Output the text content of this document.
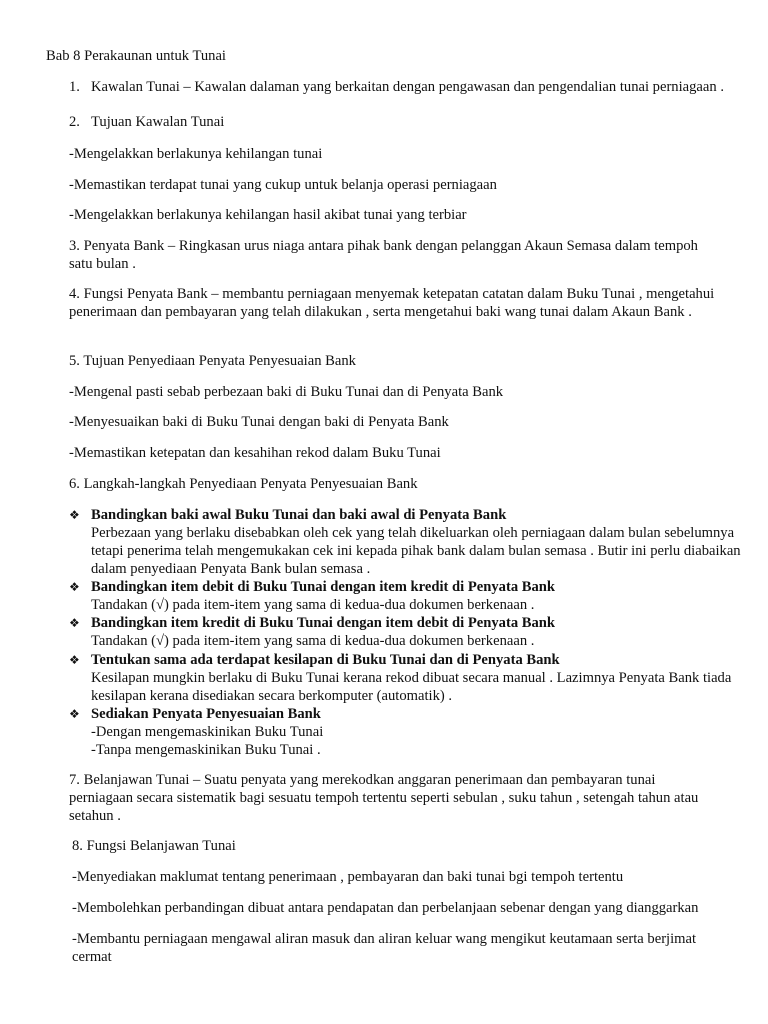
Bab 8 Perakaunan untuk Tunai

1. Kawalan Tunai – Kawalan dalaman yang berkaitan dengan pengawasan dan pengendalian tunai perniagaan .
2. Tujuan Kawalan Tunai

-Mengelakkan berlakunya kehilangan tunai

-Memastikan terdapat tunai yang cukup untuk belanja operasi perniagaan

-Mengelakkan berlakunya kehilangan hasil akibat tunai yang terbiar

3. Penyata Bank – Ringkasan urus niaga antara pihak bank dengan pelanggan Akaun Semasa dalam tempoh satu bulan .

4. Fungsi Penyata Bank – membantu perniagaan menyemak ketepatan catatan dalam Buku Tunai , mengetahui penerimaan dan pembayaran yang telah dilakukan , serta mengetahui baki wang tunai dalam Akaun Bank .

5. Tujuan Penyediaan Penyata Penyesuaian Bank

-Mengenal pasti sebab perbezaan baki di Buku Tunai dan di Penyata Bank

-Menyesuaikan baki di Buku Tunai dengan baki di Penyata Bank

-Memastikan ketepatan dan kesahihan rekod dalam Buku Tunai

6. Langkah-langkah Penyediaan Penyata Penyesuaian Bank

❖ Bandingkan baki awal Buku Tunai dan baki awal di Penyata Bank
Perbezaan yang berlaku disebabkan oleh cek yang telah dikeluarkan oleh perniagaan dalam bulan sebelumnya tetapi penerima telah mengemukakan cek ini kepada pihak bank dalam bulan semasa . Butir ini perlu diabaikan dalam penyediaan Penyata Bank bulan semasa .
❖ Bandingkan item debit di Buku Tunai dengan item kredit di Penyata Bank
Tandakan (√) pada item-item yang sama di kedua-dua dokumen berkenaan .
❖ Bandingkan item kredit di Buku Tunai dengan item debit di Penyata Bank
Tandakan (√) pada item-item yang sama di kedua-dua dokumen berkenaan .
❖ Tentukan sama ada terdapat kesilapan di Buku Tunai dan di Penyata Bank
Kesilapan mungkin berlaku di Buku Tunai kerana rekod dibuat secara manual . Lazimnya Penyata Bank tiada kesilapan kerana disediakan secara berkomputer (automatik) .
❖ Sediakan Penyata Penyesuaian Bank
-Dengan mengemaskinikan Buku Tunai
-Tanpa mengemaskinikan Buku Tunai .

7. Belanjawan Tunai – Suatu penyata yang merekodkan anggaran penerimaan dan pembayaran tunai perniagaan secara sistematik bagi sesuatu tempoh tertentu seperti sebulan , suku tahun , setengah tahun atau setahun .

8. Fungsi Belanjawan Tunai

-Menyediakan maklumat tentang penerimaan , pembayaran dan baki tunai bgi tempoh tertentu

-Membolehkan perbandingan dibuat antara pendapatan dan perbelanjaan sebenar dengan yang dianggarkan

-Membantu perniagaan mengawal aliran masuk dan aliran keluar wang mengikut keutamaan serta berjimat cermat
